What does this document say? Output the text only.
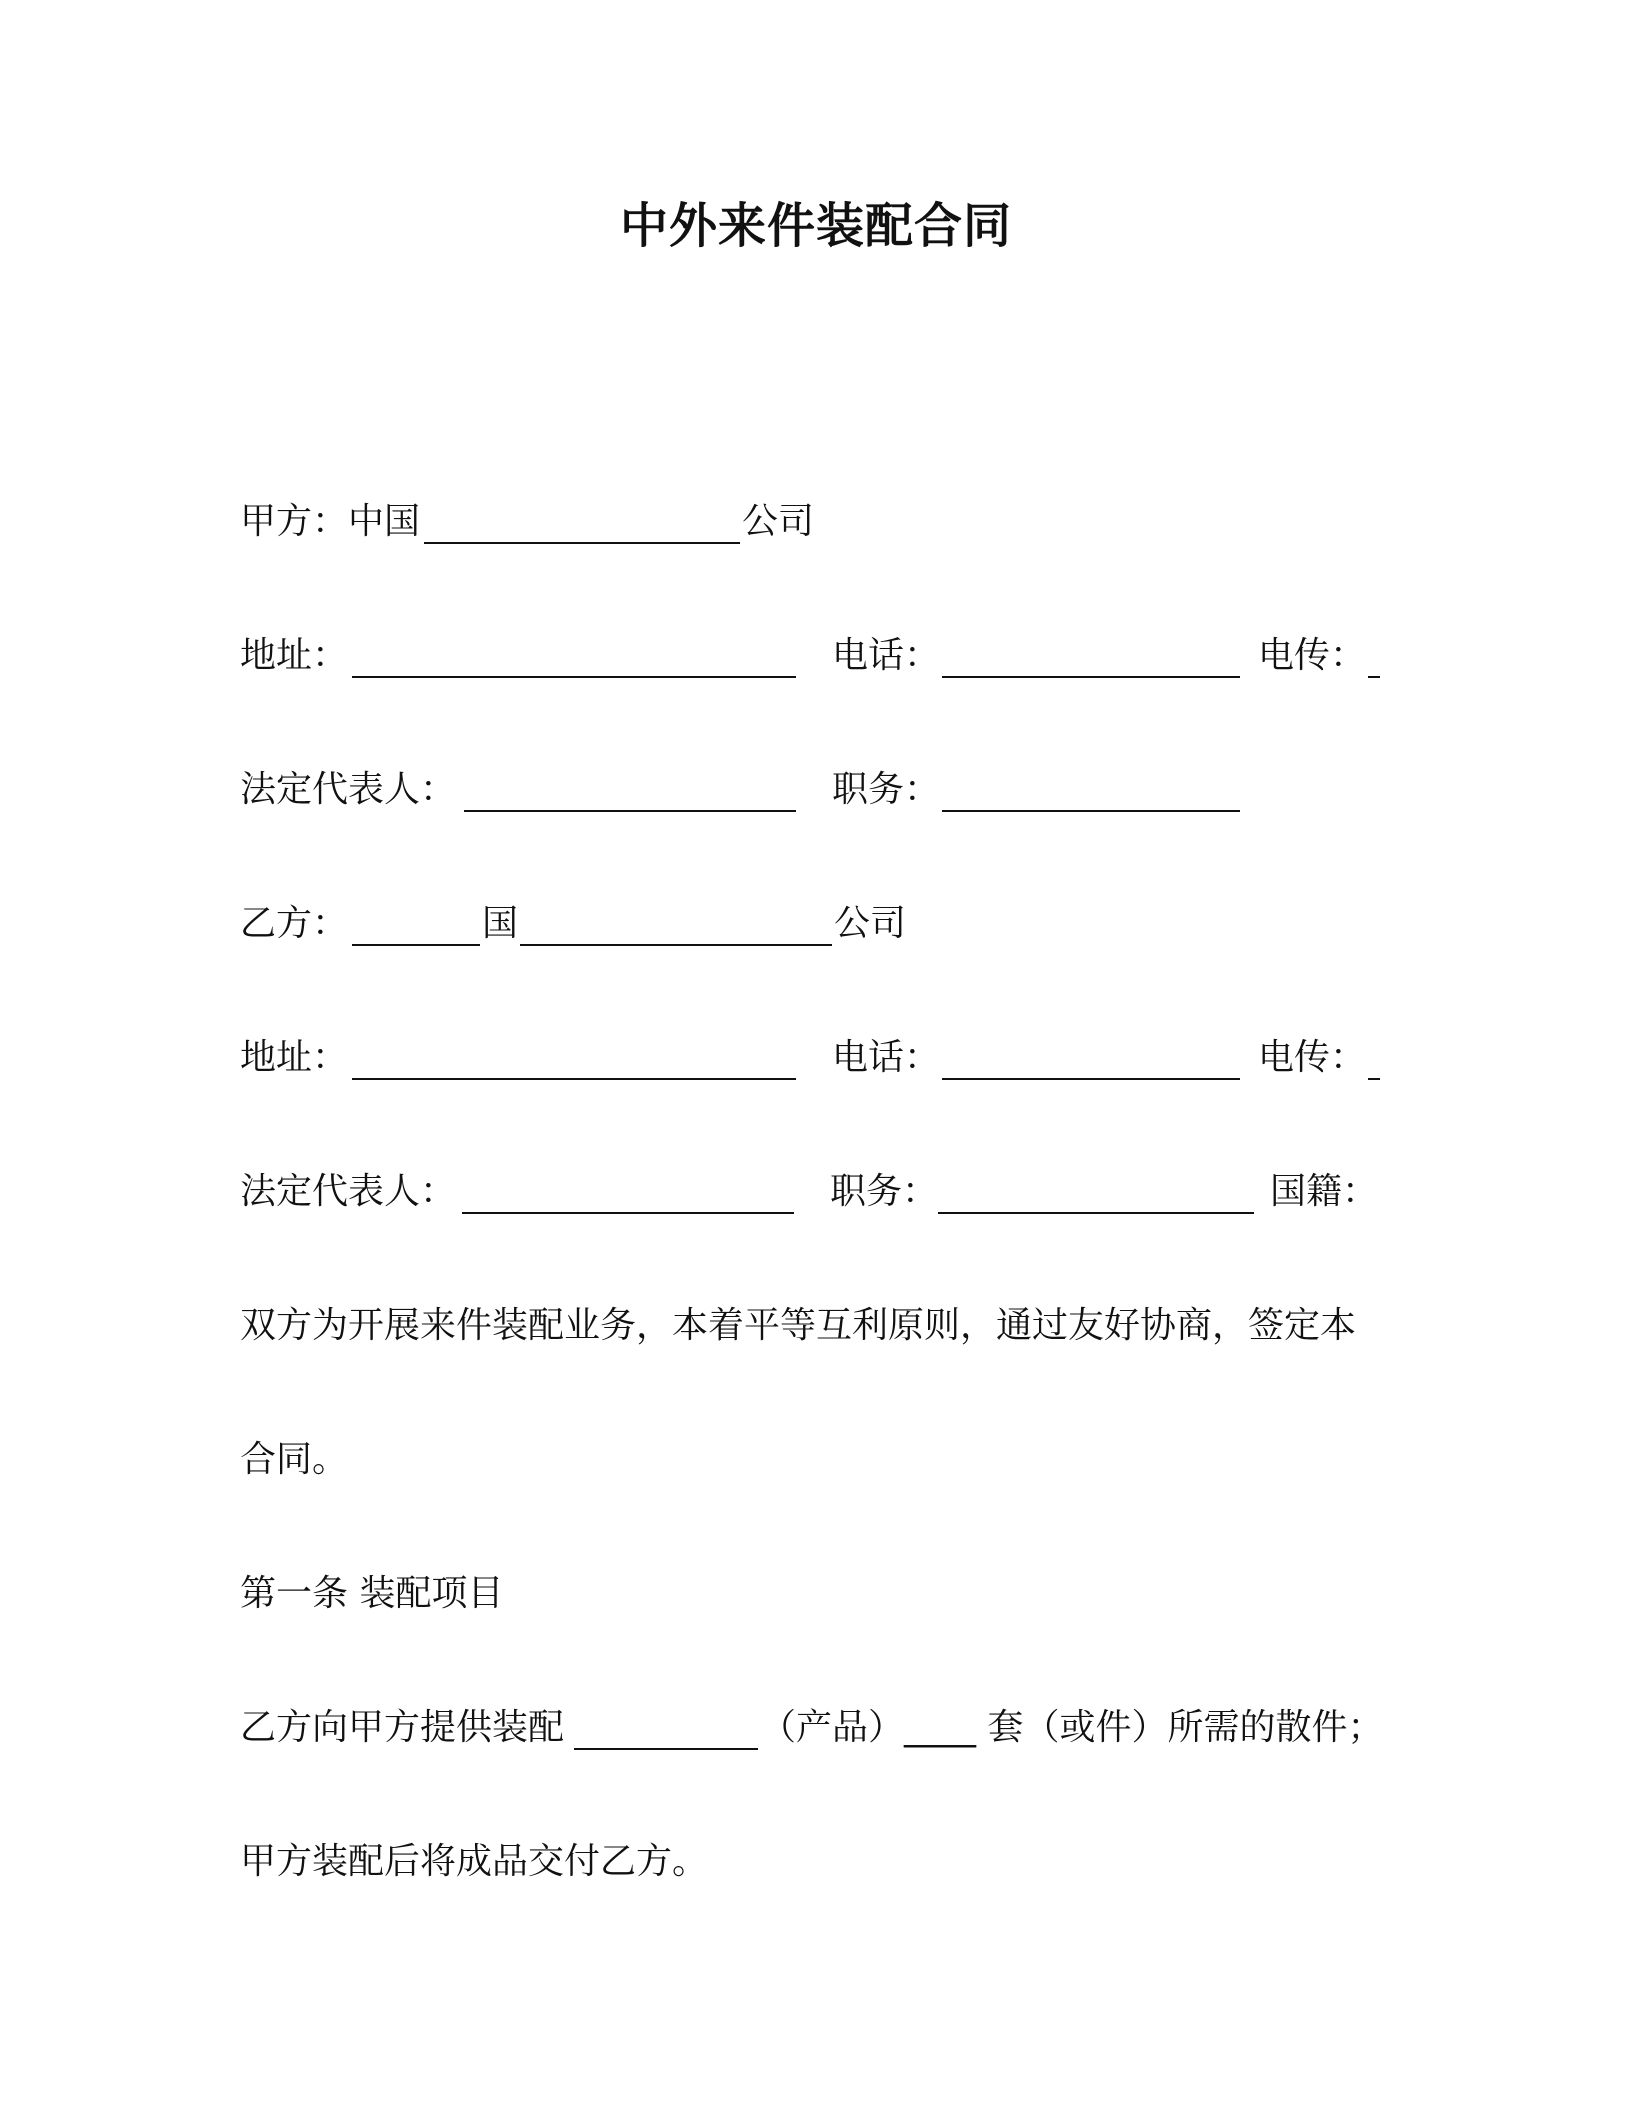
中外来件装配合同
甲方：中国	公司
地址：	电话：	电传：
法定代表人：	职务：
乙方：	国	公司
地址：	电话：	电传：
法定代表人：	职务：	国籍：
双方为开展来件装配业务，本着平等互利原则，通过友好协商，签定本
合同。
第一条 装配项目
乙方向甲方提供装配	（产品）____ 套（或件）所需的散件；
甲方装配后将成品交付乙方。
